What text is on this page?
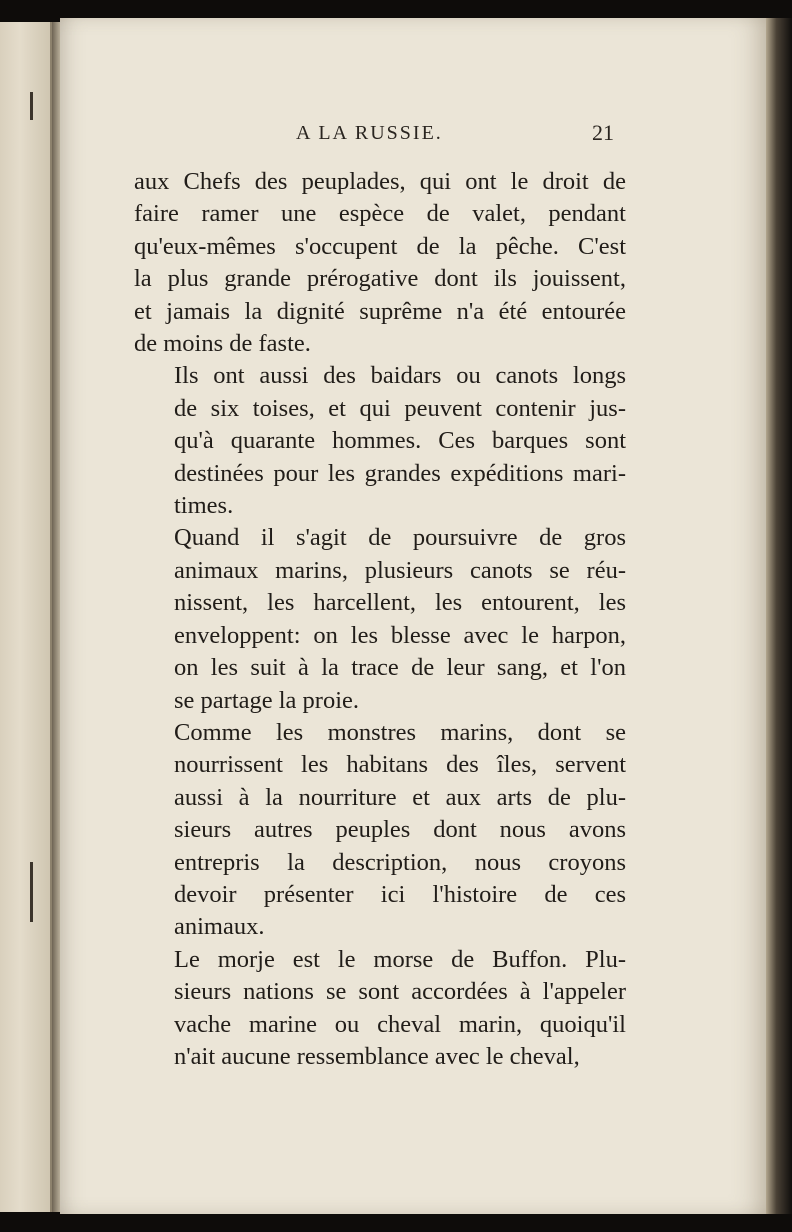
A LA RUSSIE.	21

aux Chefs des peuplades, qui ont le droit de
faire ramer une espèce de valet, pendant
qu'eux-mêmes s'occupent de la pêche. C'est
la plus grande prérogative dont ils jouissent,
et jamais la dignité suprême n'a été entourée
de moins de faste.

Ils ont aussi des baidars ou canots longs
de six toises, et qui peuvent contenir jus-
qu'à quarante hommes. Ces barques sont
destinées pour les grandes expéditions mari-
times.

Quand il s'agit de poursuivre de gros
animaux marins, plusieurs canots se réu-
nissent, les harcellent, les entourent, les
enveloppent: on les blesse avec le harpon,
on les suit à la trace de leur sang, et l'on
se partage la proie.

Comme les monstres marins, dont se
nourrissent les habitans des îles, servent
aussi à la nourriture et aux arts de plu-
sieurs autres peuples dont nous avons
entrepris la description, nous croyons
devoir présenter ici l'histoire de ces
animaux.

Le morje est le morse de Buffon. Plu-
sieurs nations se sont accordées à l'appeler
vache marine ou cheval marin, quoiqu'il
n'ait aucune ressemblance avec le cheval,
